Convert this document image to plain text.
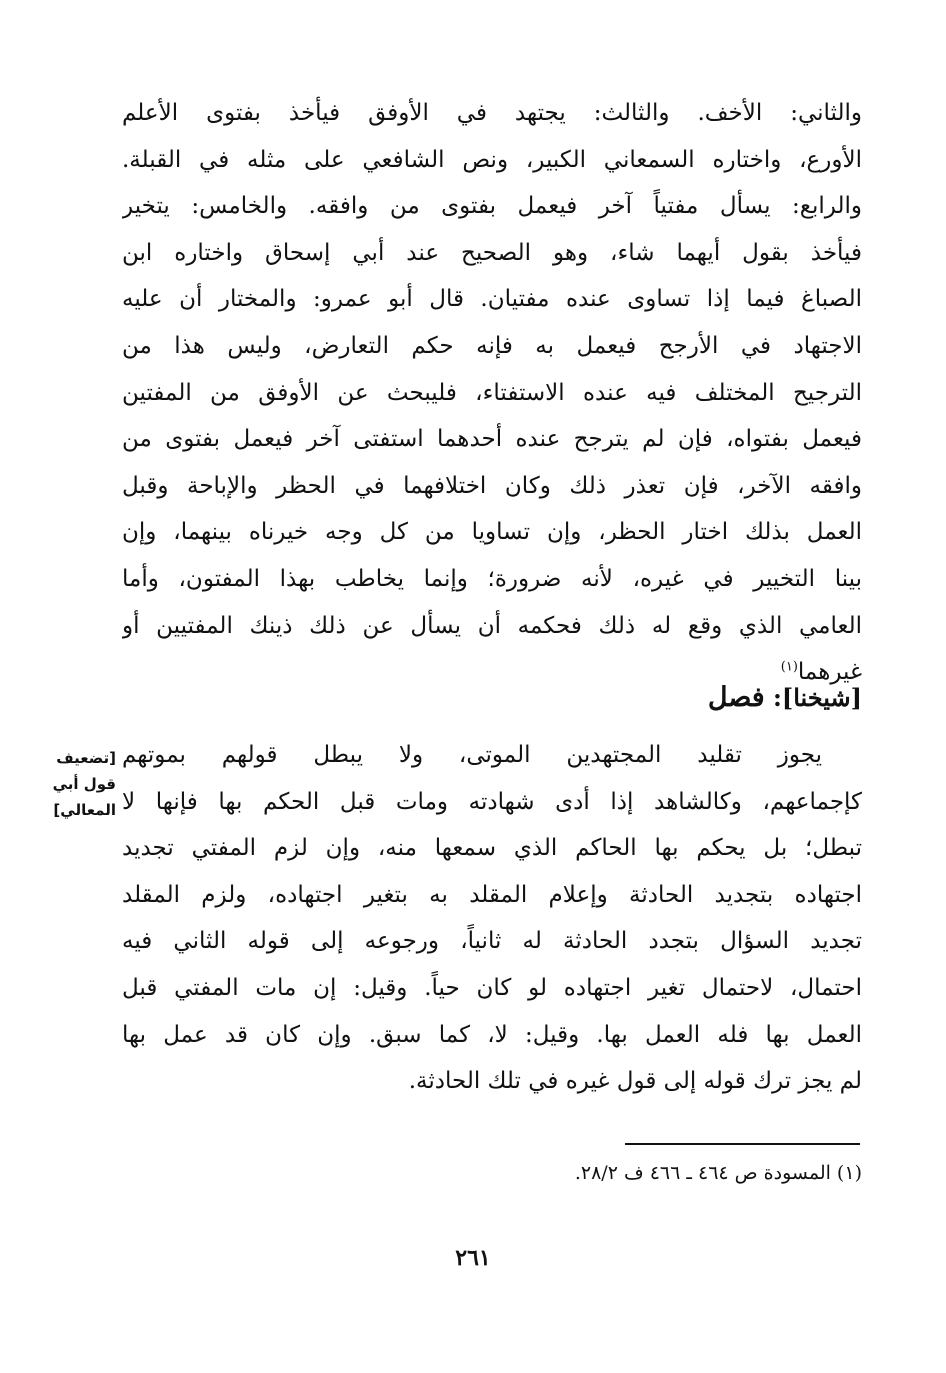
والثاني: الأخف. والثالث: يجتهد في الأوفق فيأخذ بفتوى الأعلم
الأورع، واختاره السمعاني الكبير، ونص الشافعي على مثله في القبلة.
والرابع: يسأل مفتياً آخر فيعمل بفتوى من وافقه. والخامس: يتخير
فيأخذ بقول أيهما شاء، وهو الصحيح عند أبي إسحاق واختاره ابن
الصباغ فيما إذا تساوى عنده مفتيان. قال أبو عمرو: والمختار أن عليه
الاجتهاد في الأرجح فيعمل به فإنه حكم التعارض، وليس هذا من
الترجيح المختلف فيه عنده الاستفتاء، فليبحث عن الأوفق من المفتين
فيعمل بفتواه، فإن لم يترجح عنده أحدهما استفتى آخر فيعمل بفتوى من
وافقه الآخر، فإن تعذر ذلك وكان اختلافهما في الحظر والإباحة وقبل
العمل بذلك اختار الحظر، وإن تساويا من كل وجه خيرناه بينهما، وإن
بينا التخيير في غيره، لأنه ضرورة؛ وإنما يخاطب بهذا المفتون، وأما
العامي الذي وقع له ذلك فحكمه أن يسأل عن ذلك ذينك المفتيين أو
غيرهما$^{(١)}$
[شيخنا]: فصل
[تضعيف
قول أبي
المعالي]
يجوز تقليد المجتهدين الموتى، ولا يبطل قولهم بموتهم
كإجماعهم، وكالشاهد إذا أدى شهادته ومات قبل الحكم بها فإنها لا
تبطل؛ بل يحكم بها الحاكم الذي سمعها منه، وإن لزم المفتي تجديد
اجتهاده بتجديد الحادثة وإعلام المقلد به بتغير اجتهاده، ولزم المقلد
تجديد السؤال بتجدد الحادثة له ثانياً، ورجوعه إلى قوله الثاني فيه
احتمال، لاحتمال تغير اجتهاده لو كان حياً. وقيل: إن مات المفتي قبل
العمل بها فله العمل بها. وقيل: لا، كما سبق. وإن كان قد عمل بها
لم يجز ترك قوله إلى قول غيره في تلك الحادثة.
(١) المسودة ص ٤٦٤ ـ ٤٦٦ ف ٢٨/٢.
٢٦١
